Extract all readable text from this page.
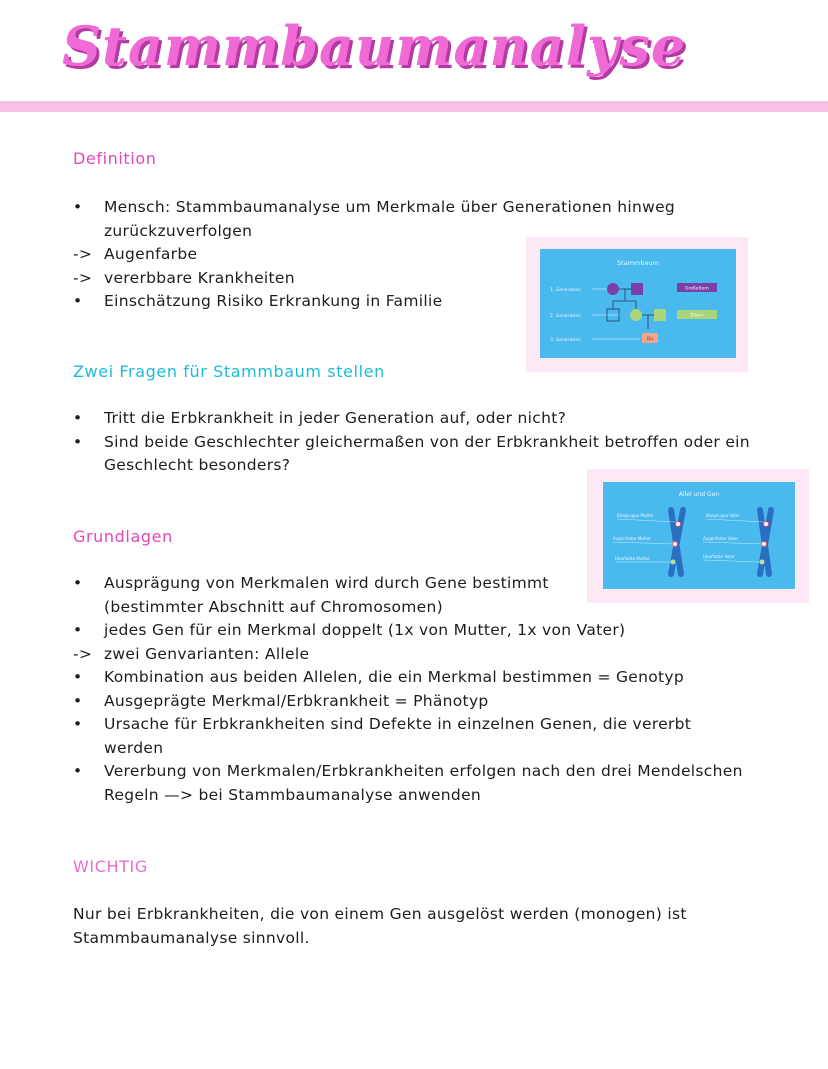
Stammbaumanalyse
Definition
• Mensch: Stammbaumanalyse um Merkmale über Generationen hinweg
zurückzuverfolgen
-> Augenfarbe
-> vererbbare Krankheiten
• Einschätzung Risiko Erkrankung in Familie
Stammbaum
1. Generation
2. Generation
3. Generation	Du
Großeltern
Eltern
Zwei Fragen für Stammbaum stellen
• Tritt die Erbkrankheit in jeder Generation auf, oder nicht?
• Sind beide Geschlechter gleichermaßen von der Erbkrankheit betroffen oder ein
Geschlecht besonders?
Allel und Gen
Blutgruppe Mutter
Augenfarbe Mutter
Haarfarbe Mutter
Blutgruppe Vater
Augenfarbe Vater
Haarfarbe Vater
Grundlagen
• Ausprägung von Merkmalen wird durch Gene bestimmt
(bestimmter Abschnitt auf Chromosomen)
• jedes Gen für ein Merkmal doppelt (1x von Mutter, 1x von Vater)
-> zwei Genvarianten: Allele
• Kombination aus beiden Allelen, die ein Merkmal bestimmen = Genotyp
• Ausgeprägte Merkmal/Erbkrankheit = Phänotyp
• Ursache für Erbkrankheiten sind Defekte in einzelnen Genen, die vererbt
werden
• Vererbung von Merkmalen/Erbkrankheiten erfolgen nach den drei Mendelschen
Regeln —> bei Stammbaumanalyse anwenden
WICHTIG

Nur bei Erbkrankheiten, die von einem Gen ausgelöst werden (monogen) ist
Stammbaumanalyse sinnvoll.
